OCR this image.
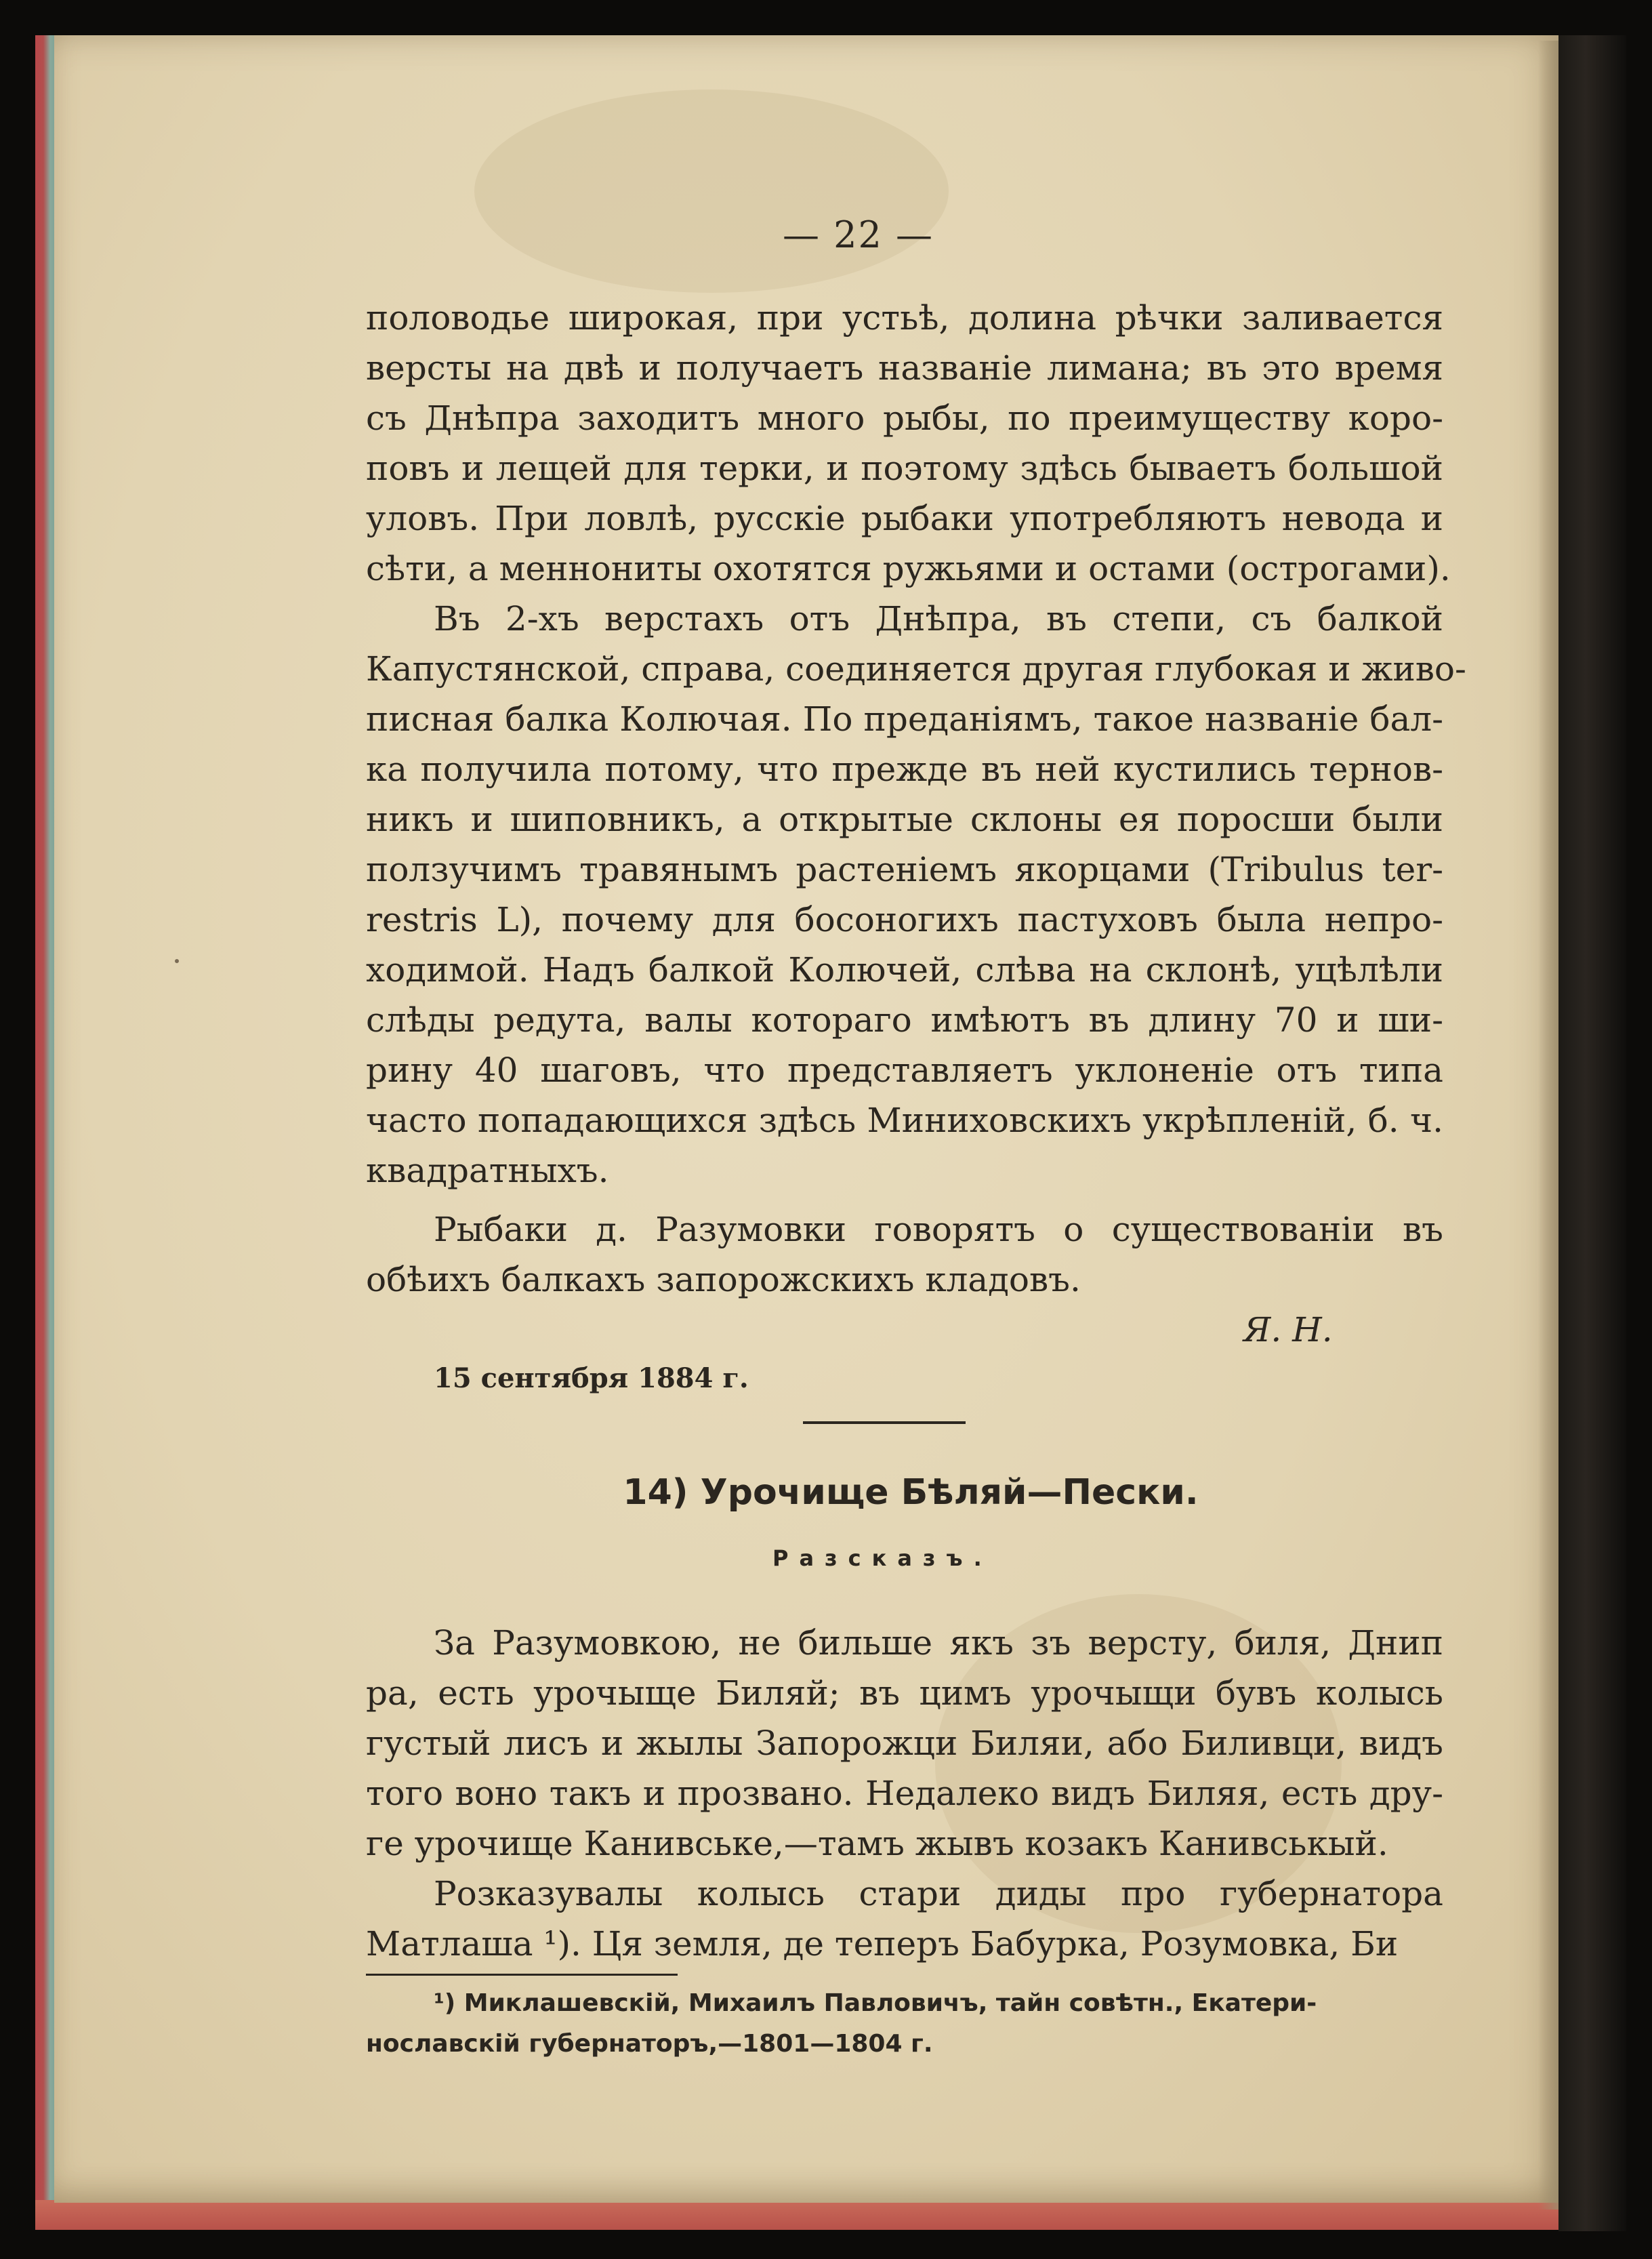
— 22 —
половодье широкая, при устьѣ, долина рѣчки заливается
версты на двѣ и получаетъ названіе лимана; въ это время
съ Днѣпра заходитъ много рыбы, по преимуществу коро-
повъ и лещей для терки, и поэтому здѣсь бываетъ большой
уловъ. При ловлѣ, русскіе рыбаки употребляютъ невода и
сѣти, а меннониты охотятся ружьями и остами (острогами).
Въ 2-хъ верстахъ отъ Днѣпра, въ степи, съ балкой
Капустянской, справа, соединяется другая глубокая и живо-
писная балка Колючая. По преданіямъ, такое названіе бал-
ка получила потому, что прежде въ ней кустились тернов-
никъ и шиповникъ, а открытые склоны ея поросши были
ползучимъ травянымъ растеніемъ якорцами (Tribulus ter-
restris L), почему для босоногихъ пастуховъ была непро-
ходимой. Надъ балкой Колючей, слѣва на склонѣ, уцѣлѣли
слѣды редута, валы котораго имѣютъ въ длину 70 и ши-
рину 40 шаговъ, что представляетъ уклоненіе отъ типа
часто попадающихся здѣсь Миниховскихъ укрѣпленій, б. ч.
квадратныхъ.
Рыбаки д. Разумовки говорятъ о существованіи въ
обѣихъ балкахъ запорожскихъ кладовъ.
Я. Н.
15 сентября 1884 г.
14) Урочище Бѣляй—Пески.
Разсказъ.
За Разумовкою, не бильше якъ зъ версту, биля, Днип
ра, есть урочыще Биляй; въ цимъ урочыщи бувъ колысь
густый лисъ и жылы Запорожци Биляи, або Биливци, видъ
того воно такъ и прозвано. Недалеко видъ Биляя, есть дру-
ге урочище Канивське,—тамъ жывъ козакъ Канивськый.
Розказувалы колысь стари диды про губернатора
Матлаша ¹). Ця земля, де теперъ Бабурка, Розумовка, Би
¹) Миклашевскій, Михаилъ Павловичъ, тайн совѣтн., Екатери-
нославскій губернаторъ,—1801—1804 г.
